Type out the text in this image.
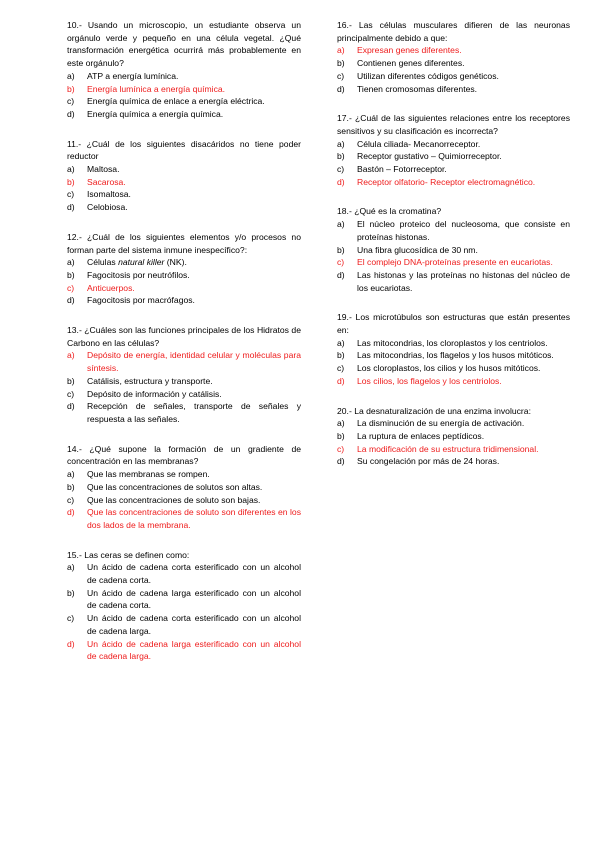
10.- Usando un microscopio, un estudiante observa un orgánulo verde y pequeño en una célula vegetal. ¿Qué transformación energética ocurrirá más probablemente en este orgánulo?

a)	ATP a energía lumínica.
b)	Energía lumínica a energía química.
c)	Energía química de enlace a energía eléctrica.
d)	Energía química a energía química.

11.- ¿Cuál de los siguientes disacáridos no tiene poder reductor

a)	Maltosa.
b)	Sacarosa.
c)	Isomaltosa.
d)	Celobiosa.

12.- ¿Cuál de los siguientes elementos y/o procesos no forman parte del sistema inmune inespecífico?:

a)	Células natural killer (NK).
b)	Fagocitosis por neutrófilos.
c)	Anticuerpos.
d)	Fagocitosis por macrófagos.

13.- ¿Cuáles son las funciones principales de los Hidratos de Carbono en las células?

a)	Depósito de energía, identidad celular y moléculas para síntesis.
b)	Catálisis, estructura y transporte.
c)	Depósito de información y catálisis.
d)	Recepción de señales, transporte de señales y respuesta a las señales.

14.- ¿Qué supone la formación de un gradiente de concentración en las membranas?

a)	Que las membranas se rompen.
b)	Que las concentraciones de solutos son altas.
c)	Que las concentraciones de soluto son bajas.
d)	Que las concentraciones de soluto son diferentes en los dos lados de la membrana.

15.- Las ceras se definen como:

a)	Un ácido de cadena corta esterificado con un alcohol de cadena corta.
b)	Un ácido de cadena larga esterificado con un alcohol de cadena corta.
c)	Un ácido de cadena corta esterificado con un alcohol de cadena larga.
d)	Un ácido de cadena larga esterificado con un alcohol de cadena larga.

16.- Las células musculares difieren de las neuronas principalmente debido a que:

a)	Expresan genes diferentes.
b)	Contienen genes diferentes.
c)	Utilizan diferentes códigos genéticos.
d)	Tienen cromosomas diferentes.

17.- ¿Cuál de las siguientes relaciones entre los receptores sensitivos y su clasificación es incorrecta?

a)	Célula ciliada- Mecanorreceptor.
b)	Receptor gustativo – Quimiorreceptor.
c)	Bastón – Fotorreceptor.
d)	Receptor olfatorio- Receptor electromagnético.

18.- ¿Qué es la cromatina?

a)	El núcleo proteico del nucleosoma, que consiste en proteínas histonas.
b)	Una fibra glucosídica de 30 nm.
c)	El complejo DNA-proteínas presente en eucariotas.
d)	Las histonas y las proteínas no histonas del núcleo de los eucariotas.

19.- Los microtúbulos son estructuras que están presentes en:

a)	Las mitocondrias, los cloroplastos y los centriolos.
b)	Las mitocondrias, los flagelos y los husos mitóticos.
c)	Los cloroplastos, los cilios y los husos mitóticos.
d)	Los cilios, los flagelos y los centriolos.

20.- La desnaturalización de una enzima involucra:

a)	La disminución de su energía de activación.
b)	La ruptura de enlaces peptídicos.
c)	La modificación de su estructura tridimensional.
d)	Su congelación por más de 24 horas.
